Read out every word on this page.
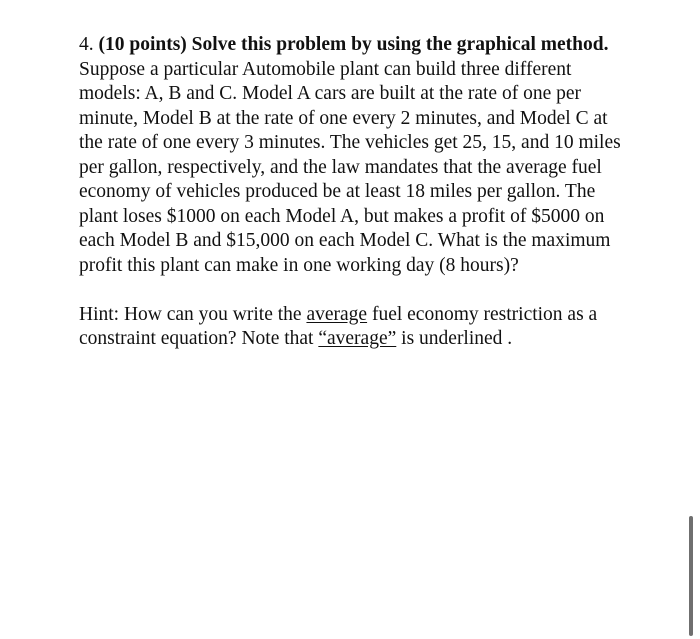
4. (10 points) Solve this problem by using the graphical method.

Suppose a particular Automobile plant can build three different models: A, B and C. Model A cars are built at the rate of one per minute, Model B at the rate of one every 2 minutes, and Model C at the rate of one every 3 minutes. The vehicles get 25, 15, and 10 miles per gallon, respectively, and the law mandates that the average fuel economy of vehicles produced be at least 18 miles per gallon. The plant loses $1000 on each Model A, but makes a profit of $5000 on each Model B and $15,000 on each Model C. What is the maximum profit this plant can make in one working day (8 hours)?

Hint: How can you write the average fuel economy restriction as a constraint equation? Note that “average” is underlined .
